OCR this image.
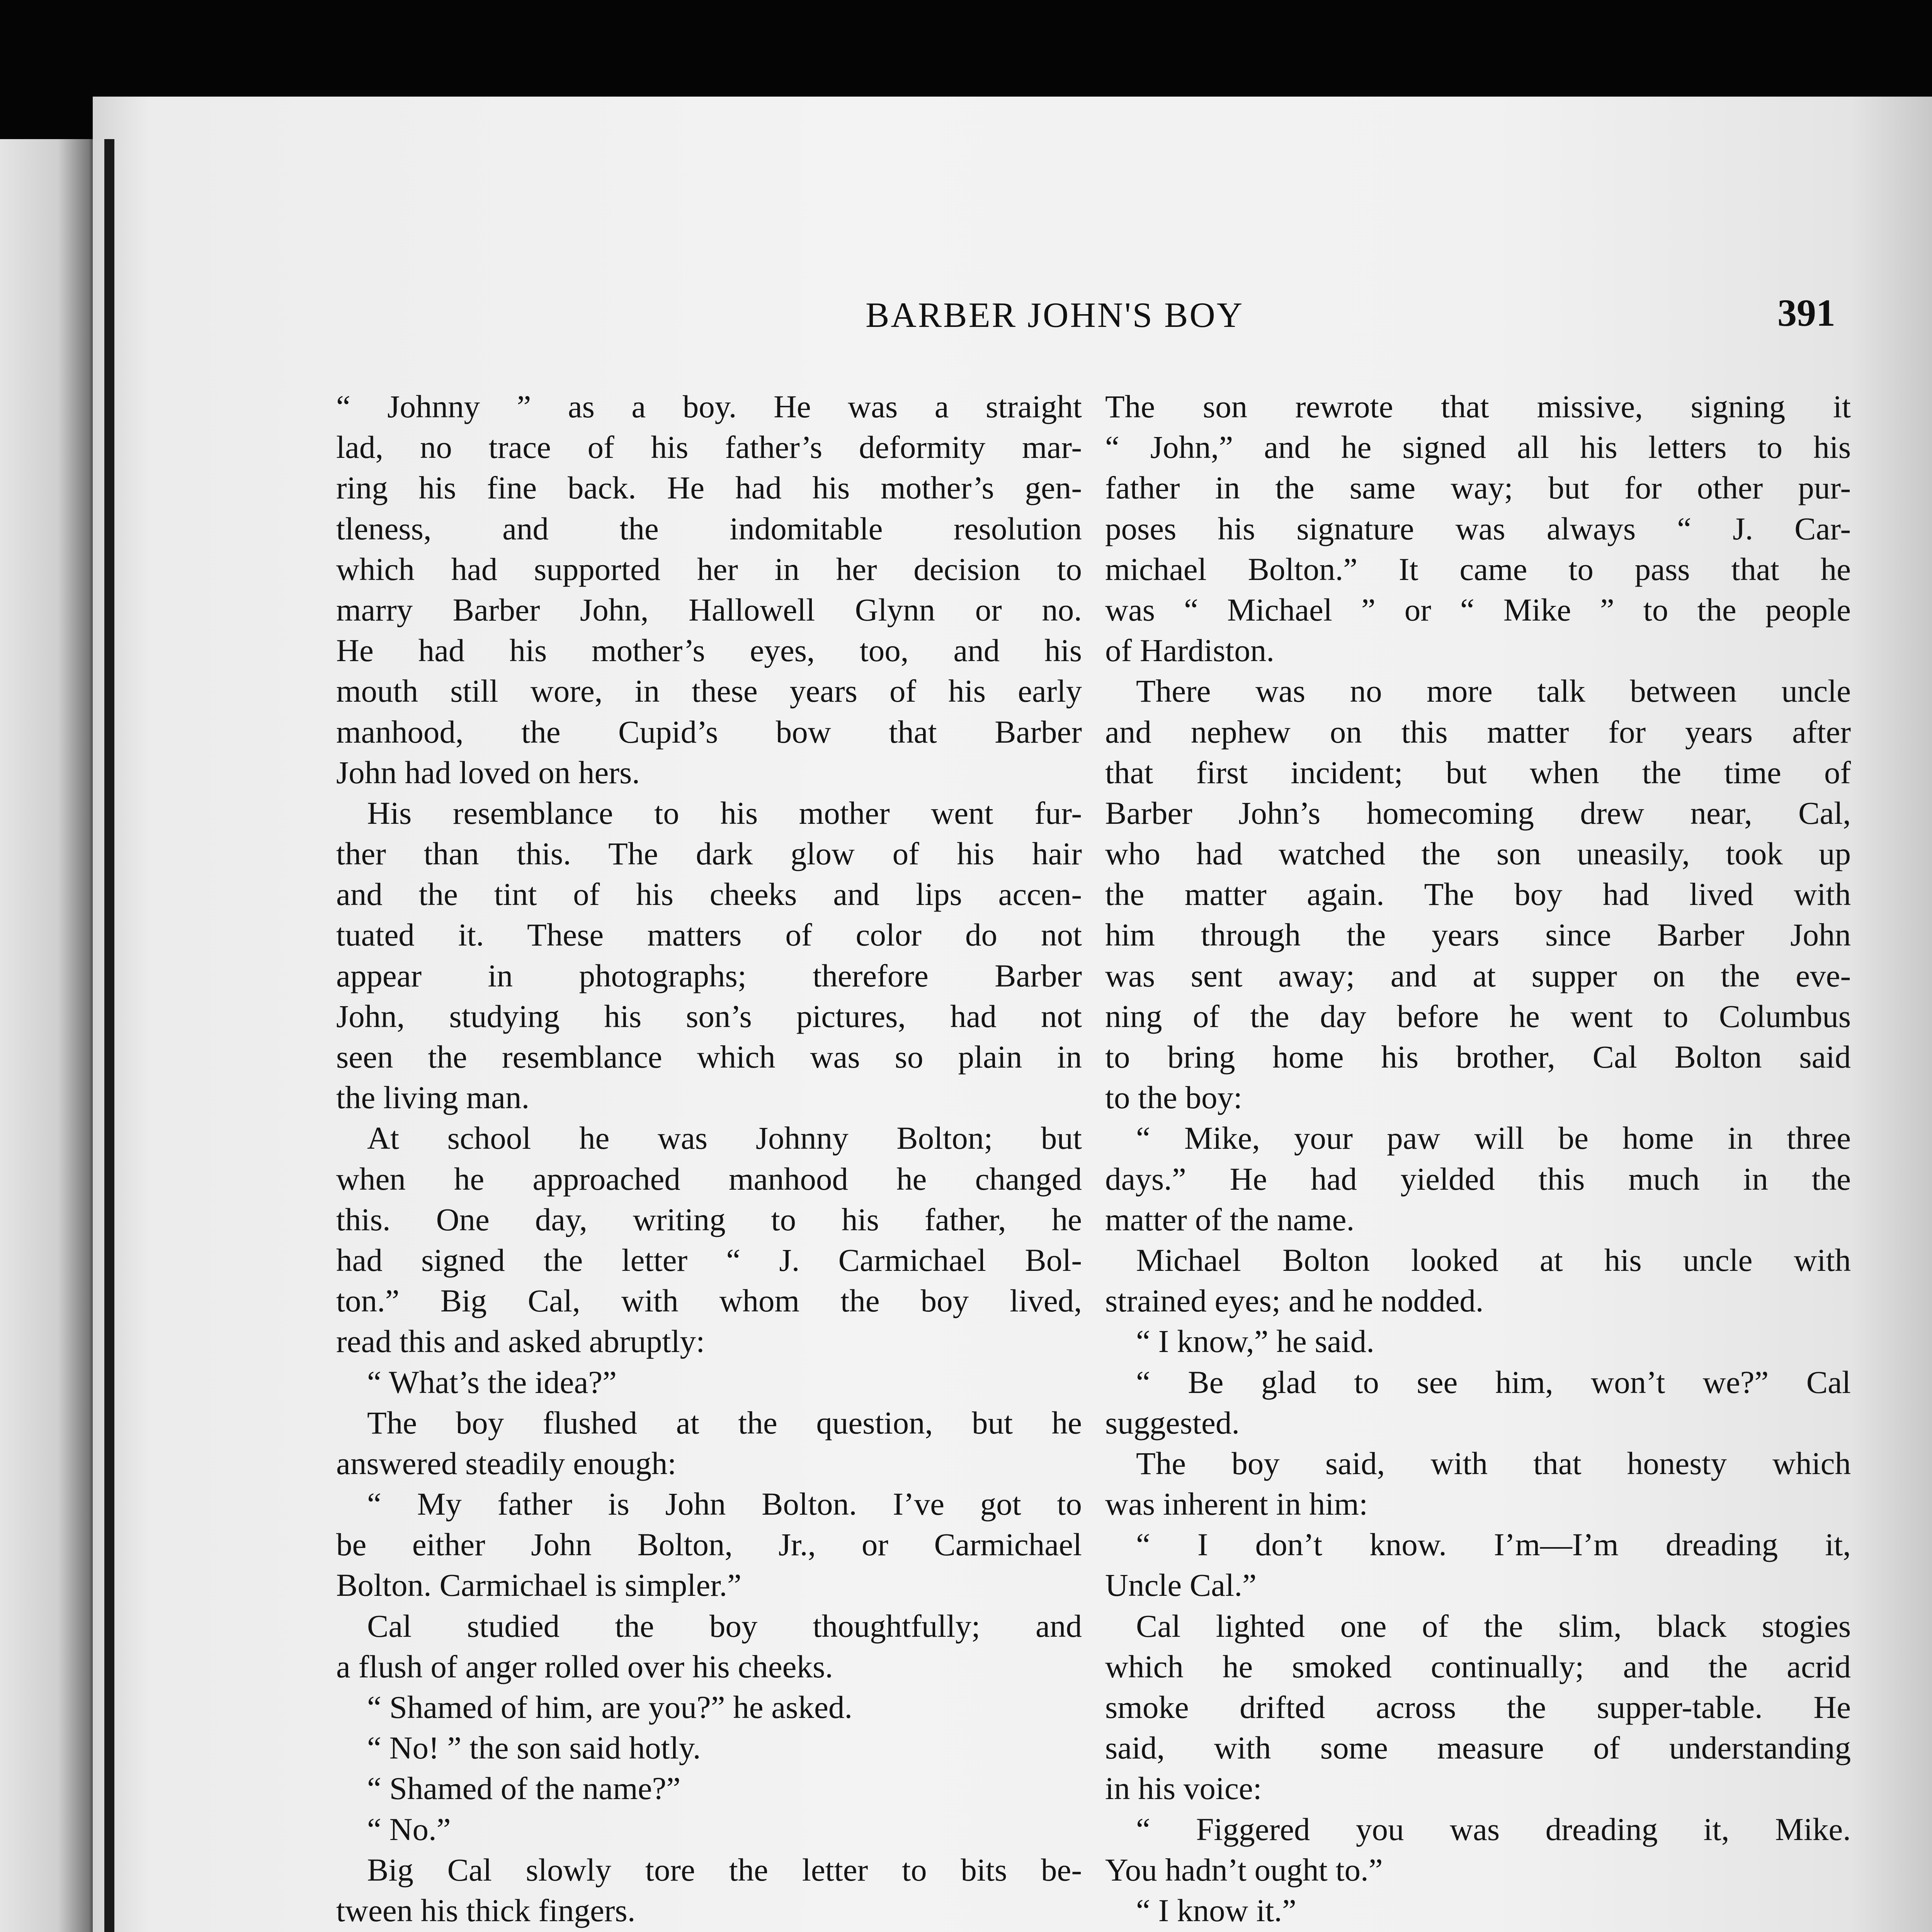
BARBER JOHN'S BOY	391
“ Johnny ” as a boy. He was a straight
lad, no trace of his father’s deformity mar-
ring his fine back. He had his mother’s gen-
tleness, and the indomitable resolution
which had supported her in her decision to
marry Barber John, Hallowell Glynn or no.
He had his mother’s eyes, too, and his
mouth still wore, in these years of his early
manhood, the Cupid’s bow that Barber
John had loved on hers.
His resemblance to his mother went fur-
ther than this. The dark glow of his hair
and the tint of his cheeks and lips accen-
tuated it. These matters of color do not
appear in photographs; therefore Barber
John, studying his son’s pictures, had not
seen the resemblance which was so plain in
the living man.
At school he was Johnny Bolton; but
when he approached manhood he changed
this. One day, writing to his father, he
had signed the letter “ J. Carmichael Bol-
ton.” Big Cal, with whom the boy lived,
read this and asked abruptly:
“ What’s the idea?”
The boy flushed at the question, but he
answered steadily enough:
“ My father is John Bolton. I’ve got to
be either John Bolton, Jr., or Carmichael
Bolton. Carmichael is simpler.”
Cal studied the boy thoughtfully; and
a flush of anger rolled over his cheeks.
“ Shamed of him, are you?” he asked.
“ No! ” the son said hotly.
“ Shamed of the name?”
“ No.”
Big Cal slowly tore the letter to bits be-
tween his thick fingers.
The son rewrote that missive, signing it
“ John,” and he signed all his letters to his
father in the same way; but for other pur-
poses his signature was always “ J. Car-
michael Bolton.” It came to pass that he
was “ Michael ” or “ Mike ” to the people
of Hardiston.
There was no more talk between uncle
and nephew on this matter for years after
that first incident; but when the time of
Barber John’s homecoming drew near, Cal,
who had watched the son uneasily, took up
the matter again. The boy had lived with
him through the years since Barber John
was sent away; and at supper on the eve-
ning of the day before he went to Columbus
to bring home his brother, Cal Bolton said
to the boy:
“ Mike, your paw will be home in three
days.” He had yielded this much in the
matter of the name.
Michael Bolton looked at his uncle with
strained eyes; and he nodded.
“ I know,” he said.
“ Be glad to see him, won’t we?” Cal
suggested.
The boy said, with that honesty which
was inherent in him:
“ I don’t know. I’m—I’m dreading it,
Uncle Cal.”
Cal lighted one of the slim, black stogies
which he smoked continually; and the acrid
smoke drifted across the supper-table. He
said, with some measure of understanding
in his voice:
“ Figgered you was dreading it, Mike.
You hadn’t ought to.”
“ I know it.”
